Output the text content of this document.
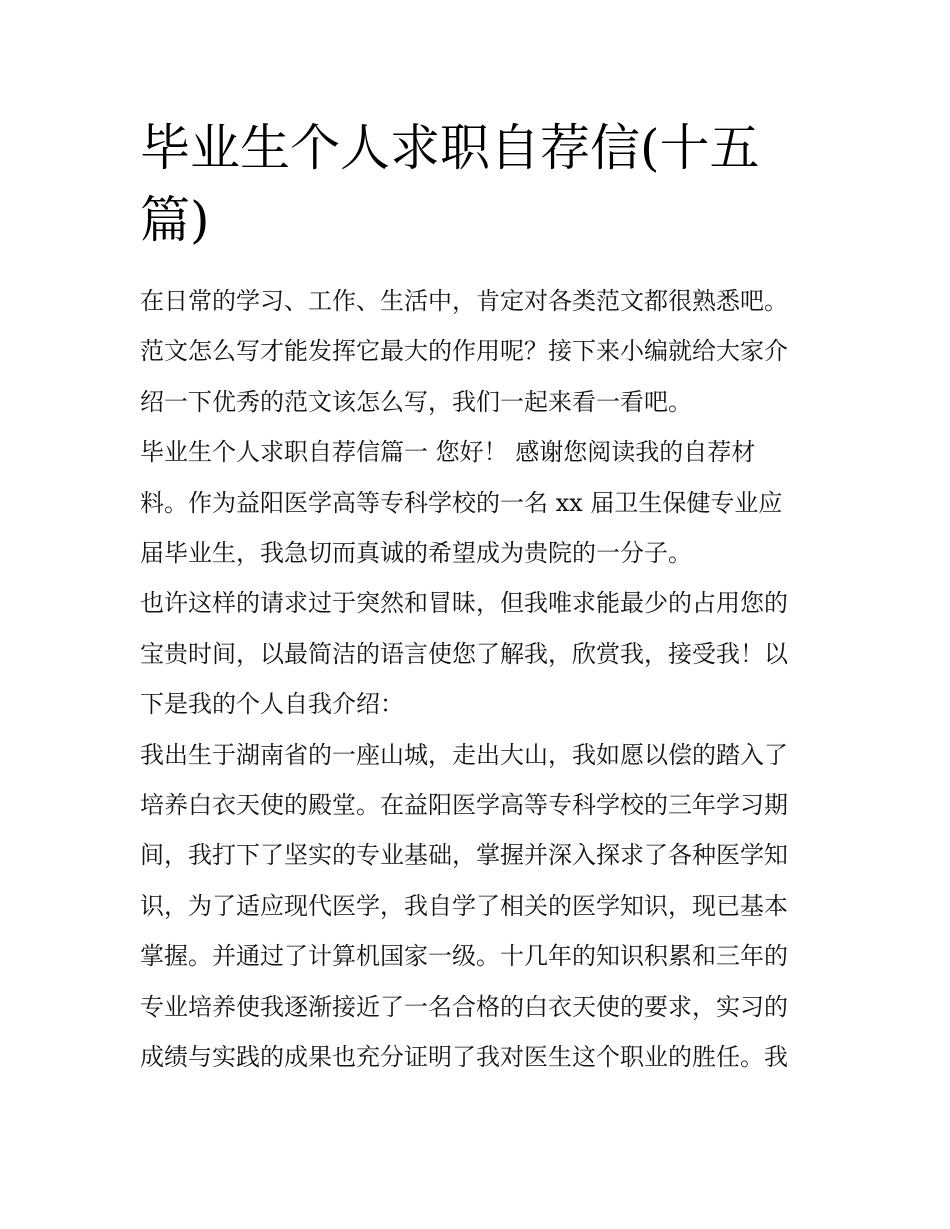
毕业生个人求职自荐信(十五
篇)
在日常的学习、工作、生活中，肯定对各类范文都很熟悉吧。
范文怎么写才能发挥它最大的作用呢？接下来小编就给大家介
绍一下优秀的范文该怎么写，我们一起来看一看吧。
毕业生个人求职自荐信篇一 您好！ 感谢您阅读我的自荐材
料。作为益阳医学高等专科学校的一名 xx 届卫生保健专业应
届毕业生，我急切而真诚的希望成为贵院的一分子。
也许这样的请求过于突然和冒昧，但我唯求能最少的占用您的
宝贵时间，以最简洁的语言使您了解我，欣赏我，接受我！以
下是我的个人自我介绍：
我出生于湖南省的一座山城，走出大山，我如愿以偿的踏入了
培养白衣天使的殿堂。在益阳医学高等专科学校的三年学习期
间，我打下了坚实的专业基础，掌握并深入探求了各种医学知
识，为了适应现代医学，我自学了相关的医学知识，现已基本
掌握。并通过了计算机国家一级。十几年的知识积累和三年的
专业培养使我逐渐接近了一名合格的白衣天使的要求，实习的
成绩与实践的成果也充分证明了我对医生这个职业的胜任。我
